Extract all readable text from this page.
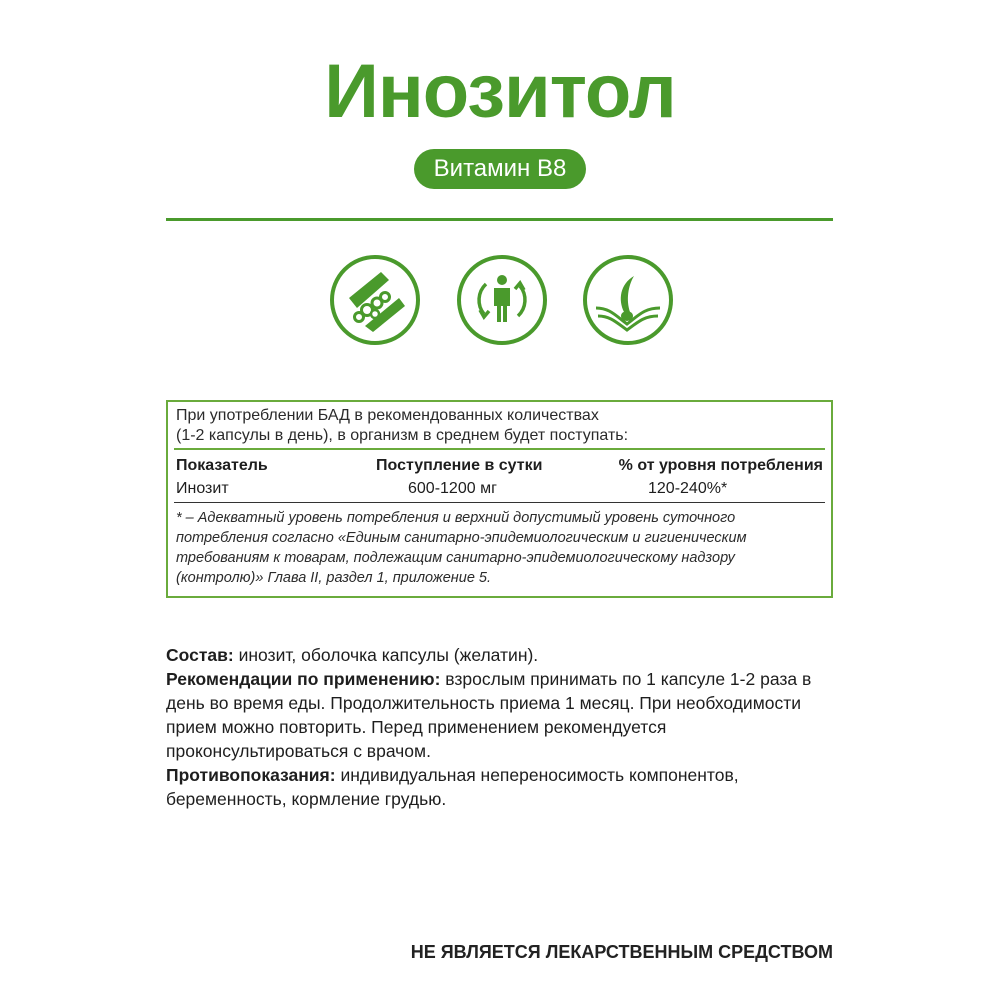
Инозитол
Витамин В8
При употреблении БАД в рекомендованных количествах
(1-2 капсулы в день), в организм в среднем будет поступать:
Показатель	Поступление в сутки	% от уровня потребления
Инозит	600-1200 мг	120-240%*
* – Адекватный уровень потребления и верхний допустимый уровень суточного потребления согласно «Единым санитарно-эпидемиологическим и гигиеническим требованиям к товарам, подлежащим санитарно-эпидемиологическому надзору (контролю)» Глава II, раздел 1, приложение 5.
Состав: инозит, оболочка капсулы (желатин).
Рекомендации по применению: взрослым принимать по 1 капсуле 1-2 раза в день во время еды. Продолжительность приема 1 месяц. При необходимости прием можно повторить. Перед применением рекомендуется проконсультироваться с врачом.
Противопоказания: индивидуальная непереносимость компонентов, беременность, кормление грудью.
НЕ ЯВЛЯЕТСЯ ЛЕКАРСТВЕННЫМ СРЕДСТВОМ
